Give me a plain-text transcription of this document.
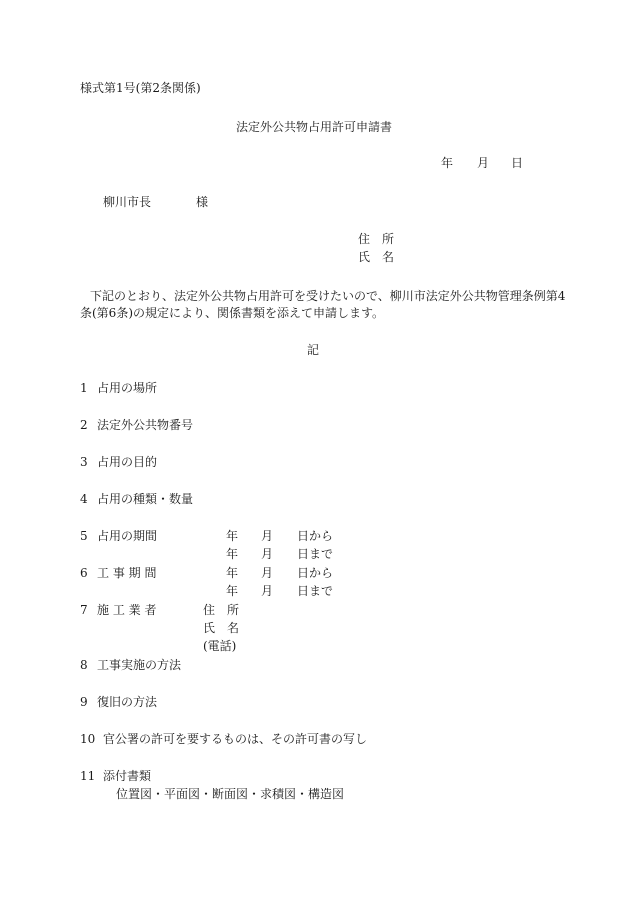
様式第1号(第2条関係)
法定外公共物占用許可申請書
年 月 日
柳川市長	様
住　所
氏　名
下記のとおり、法定外公共物占用許可を受けたいので、柳川市法定外公共物管理条例第4
条(第6条)の規定により、関係書類を添えて申請します。
記
1 占用の場所
2 法定外公共物番号
3 占用の目的
4 占用の種類・数量
5 占用の期間	年 月 日から
年 月 日まで
6 工 事 期 間	年 月 日から
年 月 日まで
7 施 工 業 者	住　所
氏　名
(電話)
8 工事実施の方法
9 復旧の方法
10 官公署の許可を要するものは、その許可書の写し
11 添付書類
位置図・平面図・断面図・求積図・構造図
